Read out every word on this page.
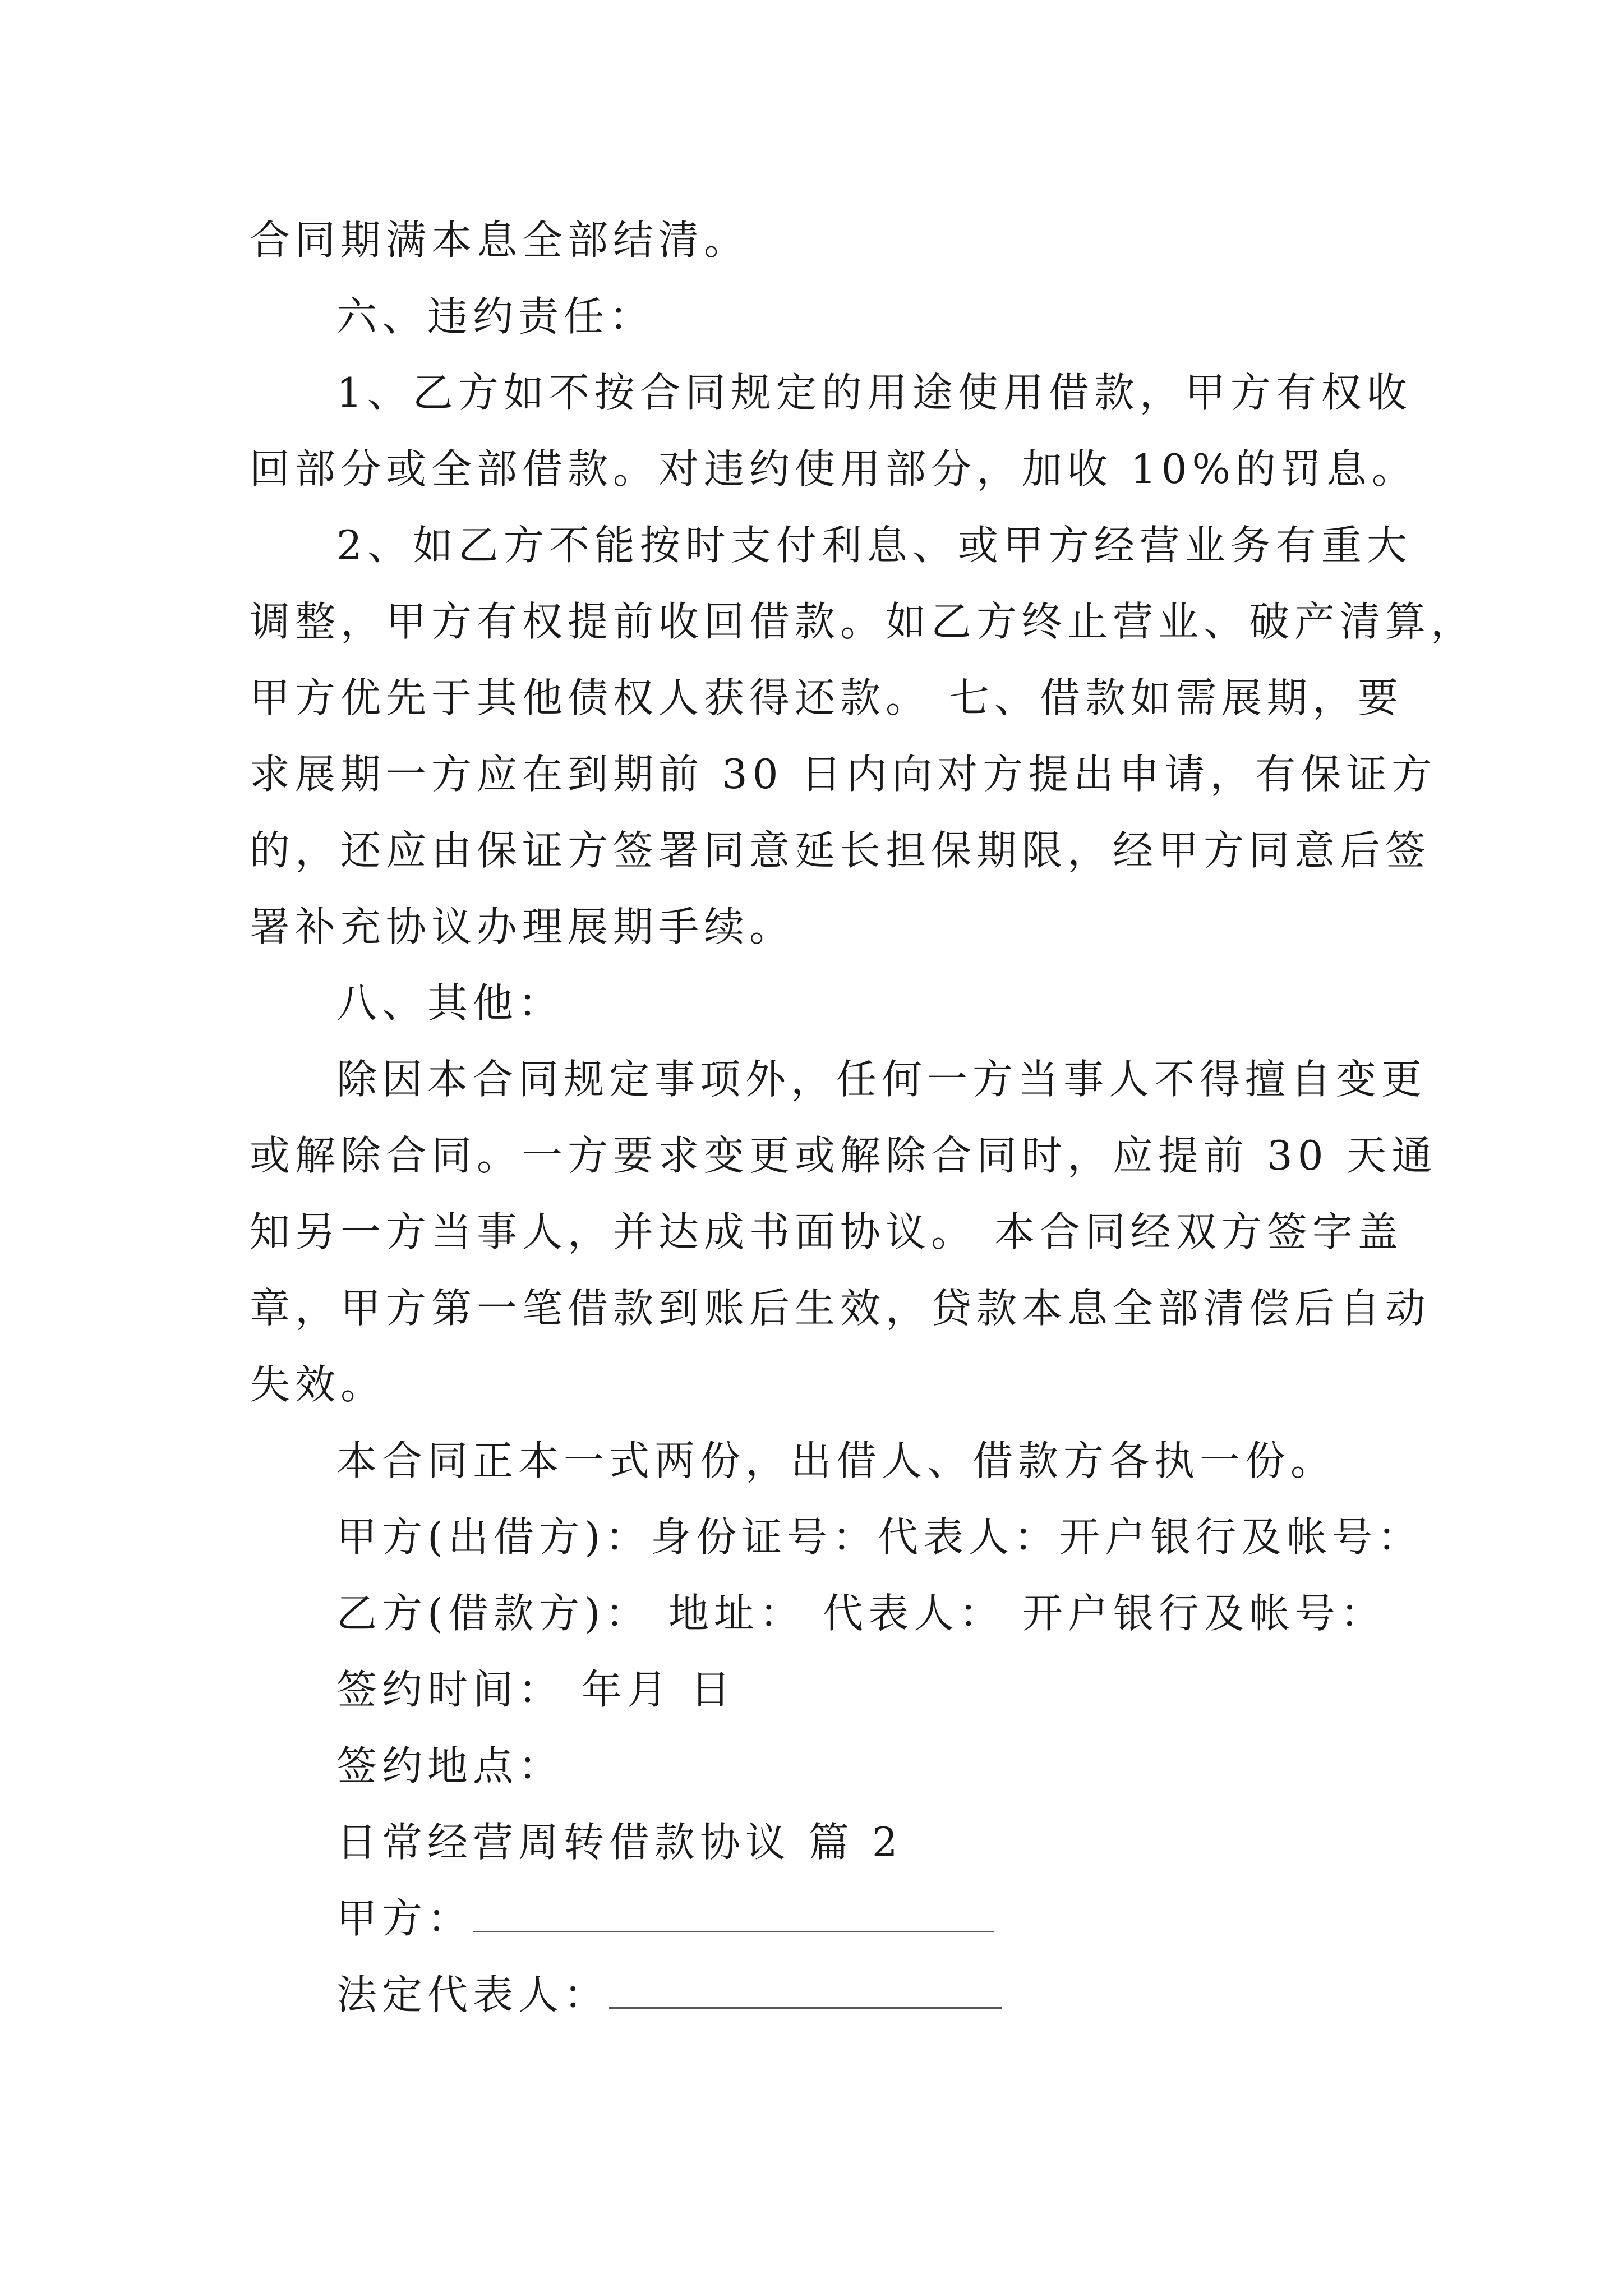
合同期满本息全部结清。
六、违约责任：
1、乙方如不按合同规定的用途使用借款，甲方有权收
回部分或全部借款。对违约使用部分，加收 10%的罚息。
2、如乙方不能按时支付利息、或甲方经营业务有重大
调整，甲方有权提前收回借款。如乙方终止营业、破产清算，
甲方优先于其他债权人获得还款。 七、借款如需展期，要
求展期一方应在到期前 30 日内向对方提出申请，有保证方
的，还应由保证方签署同意延长担保期限，经甲方同意后签
署补充协议办理展期手续。
八、其他：
除因本合同规定事项外，任何一方当事人不得擅自变更
或解除合同。一方要求变更或解除合同时，应提前 30 天通
知另一方当事人，并达成书面协议。 本合同经双方签字盖
章，甲方第一笔借款到账后生效，贷款本息全部清偿后自动
失效。
本合同正本一式两份，出借人、借款方各执一份。
甲方(出借方)：身份证号：代表人：开户银行及帐号：
乙方(借款方)： 地址： 代表人： 开户银行及帐号：
签约时间： 年月 日
签约地点：
日常经营周转借款协议 篇 2
甲方：
法定代表人：
